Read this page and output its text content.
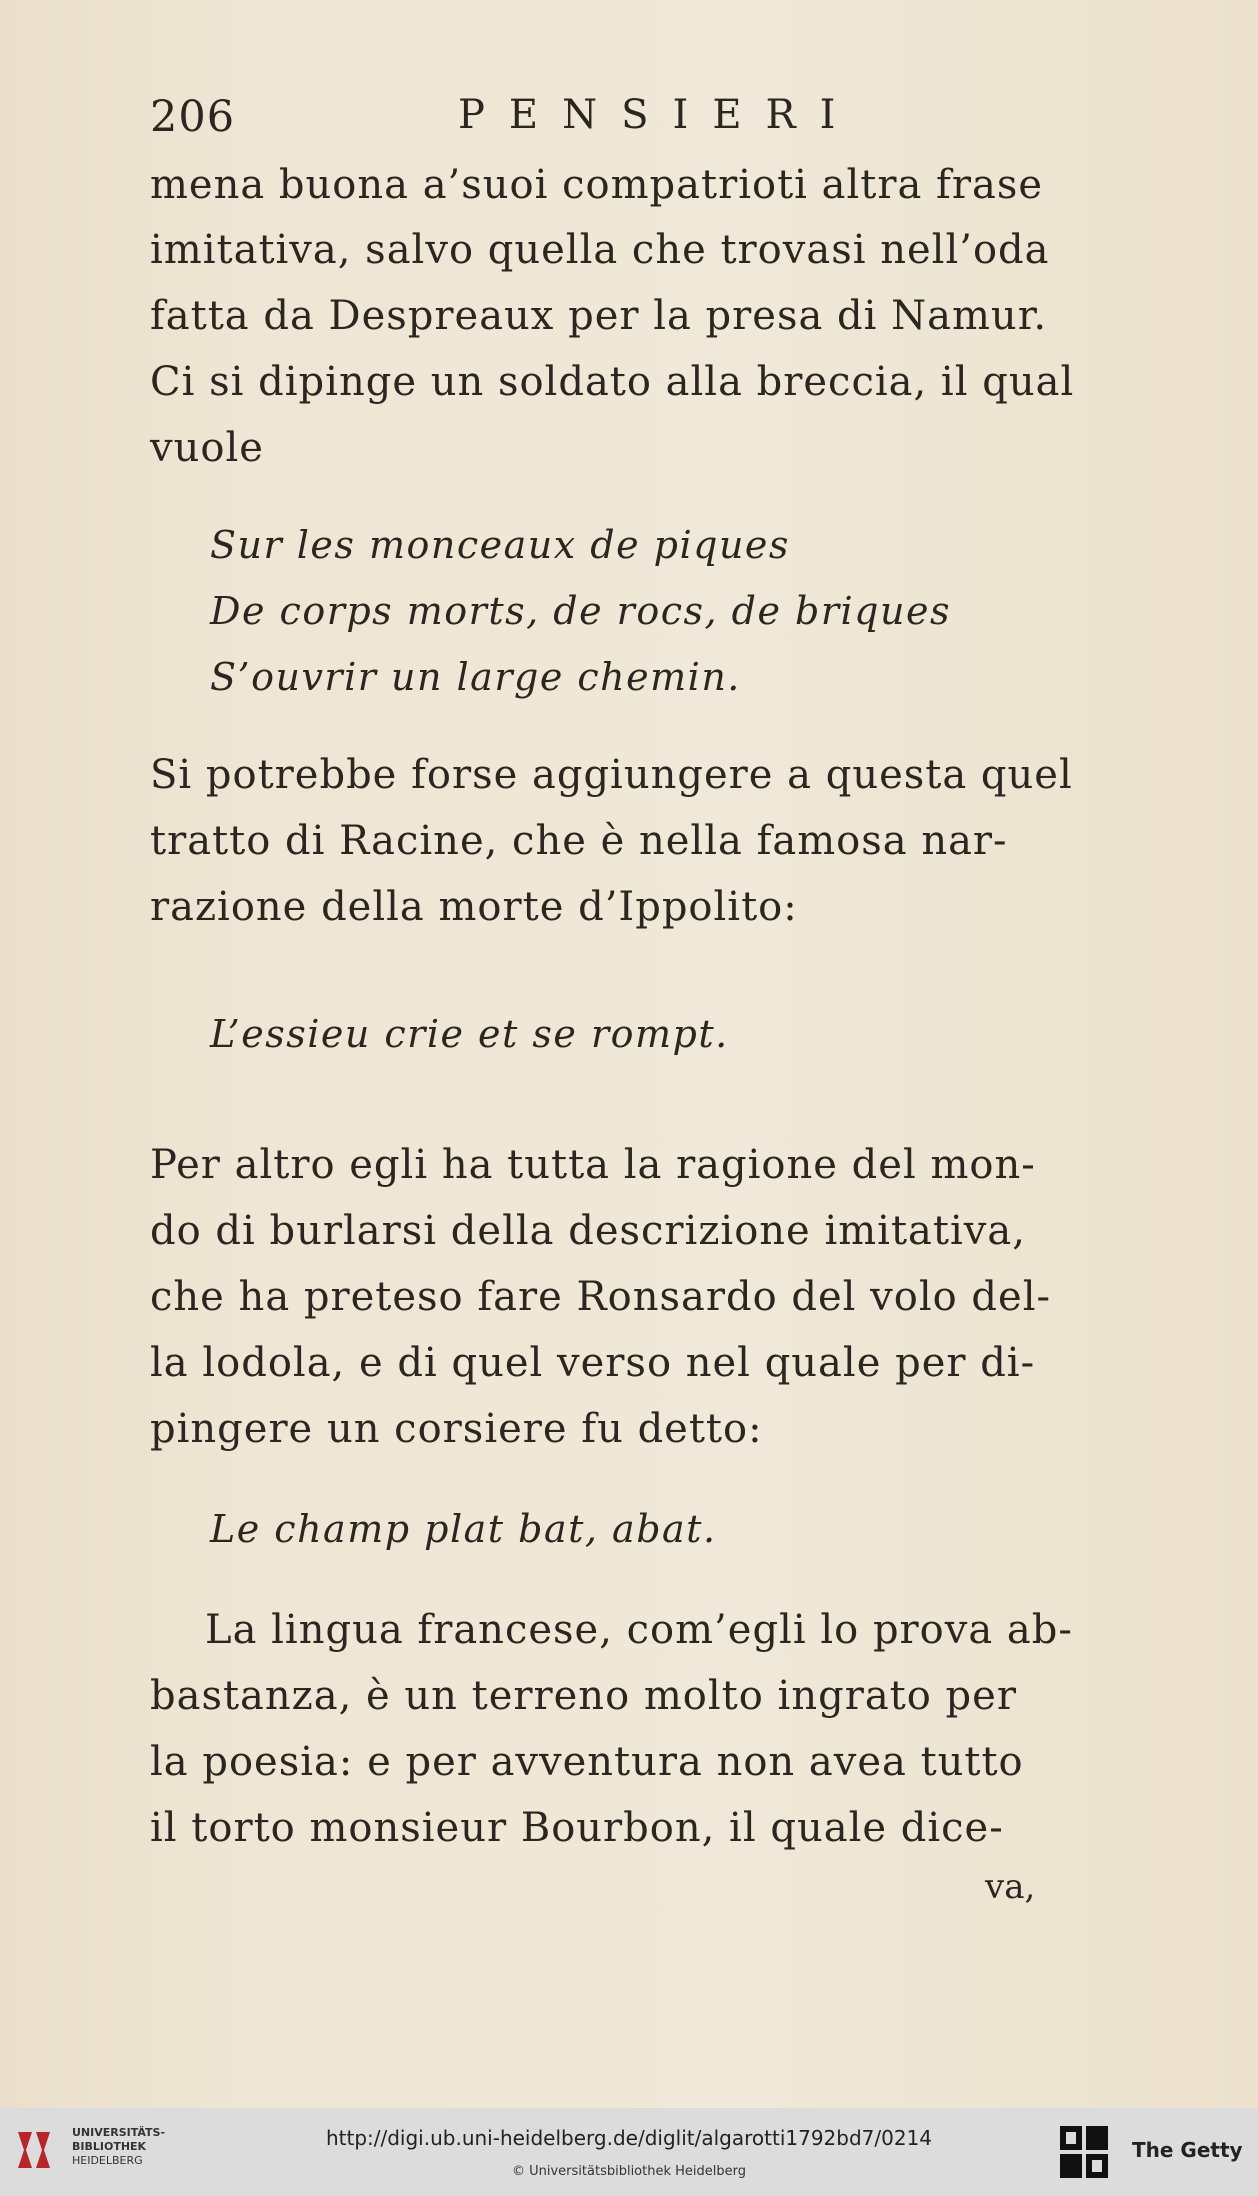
206	PENSIERI
mena buona a’suoi compatrioti altra frase
imitativa, salvo quella che trovasi nell’oda
fatta da Despreaux per la presa di Namur.
Ci si dipinge un soldato alla breccia, il qual
vuole
Sur les monceaux de piques
De corps morts, de rocs, de briques
S’ouvrir un large chemin.
Si potrebbe forse aggiungere a questa quel
tratto di Racine, che è nella famosa nar-
razione della morte d’Ippolito:
L’essieu crie et se rompt.
Per altro egli ha tutta la ragione del mon-
do di burlarsi della descrizione imitativa,
che ha preteso fare Ronsardo del volo del-
la lodola, e di quel verso nel quale per di-
pingere un corsiere fu detto:
Le champ plat bat, abat.
La lingua francese, com’egli lo prova ab-
bastanza, è un terreno molto ingrato per
la poesia: e per avventura non avea tutto
il torto monsieur Bourbon, il quale dice-
va,
UNIVERSITÄTS-
BIBLIOTHEK
HEIDELBERG
http://digi.ub.uni-heidelberg.de/diglit/algarotti1792bd7/0214
© Universitätsbibliothek Heidelberg
The Getty
